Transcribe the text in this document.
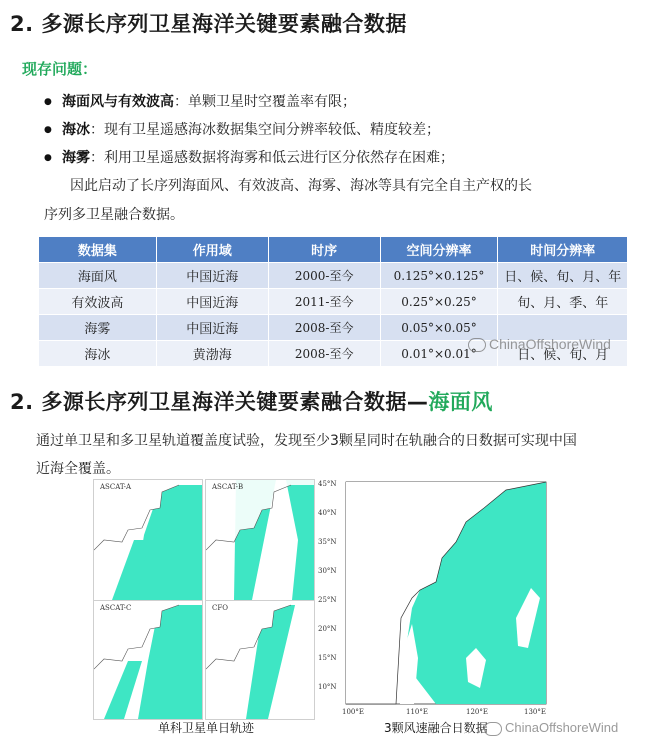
2. 多源长序列卫星海洋关键要素融合数据
现存问题：
● 海面风与有效波高：单颗卫星时空覆盖率有限；
● 海冰：现有卫星遥感海冰数据集空间分辨率较低、精度较差；
● 海雾：利用卫星遥感数据将海雾和低云进行区分依然存在困难；
因此启动了长序列海面风、有效波高、海雾、海冰等具有完全自主产权的长
序列多卫星融合数据。
数据集	作用域	时序	空间分辨率	时间分辨率
海面风	中国近海	2000-至今	0.125°×0.125°	日、候、旬、月、年
有效波高	中国近海	2011-至今	0.25°×0.25°	旬、月、季、年
海雾	中国近海	2008-至今	0.05°×0.05°	
海冰	黄渤海	2008-至今	0.01°×0.01°	日、候、旬、月
ChinaOffshoreWind
2. 多源长序列卫星海洋关键要素融合数据—海面风
通过单卫星和多卫星轨道覆盖度试验，发现至少3颗星同时在轨融合的日数据可实现中国
近海全覆盖。
ASCAT-A	ASCAT-B
ASCAT-C	CFO
单科卫星单日轨迹
45°N
40°N
35°N
30°N
25°N
20°N
15°N
10°N
100°E	110°E	120°E	130°E
3颗风速融合日数据	ChinaOffshoreWind
